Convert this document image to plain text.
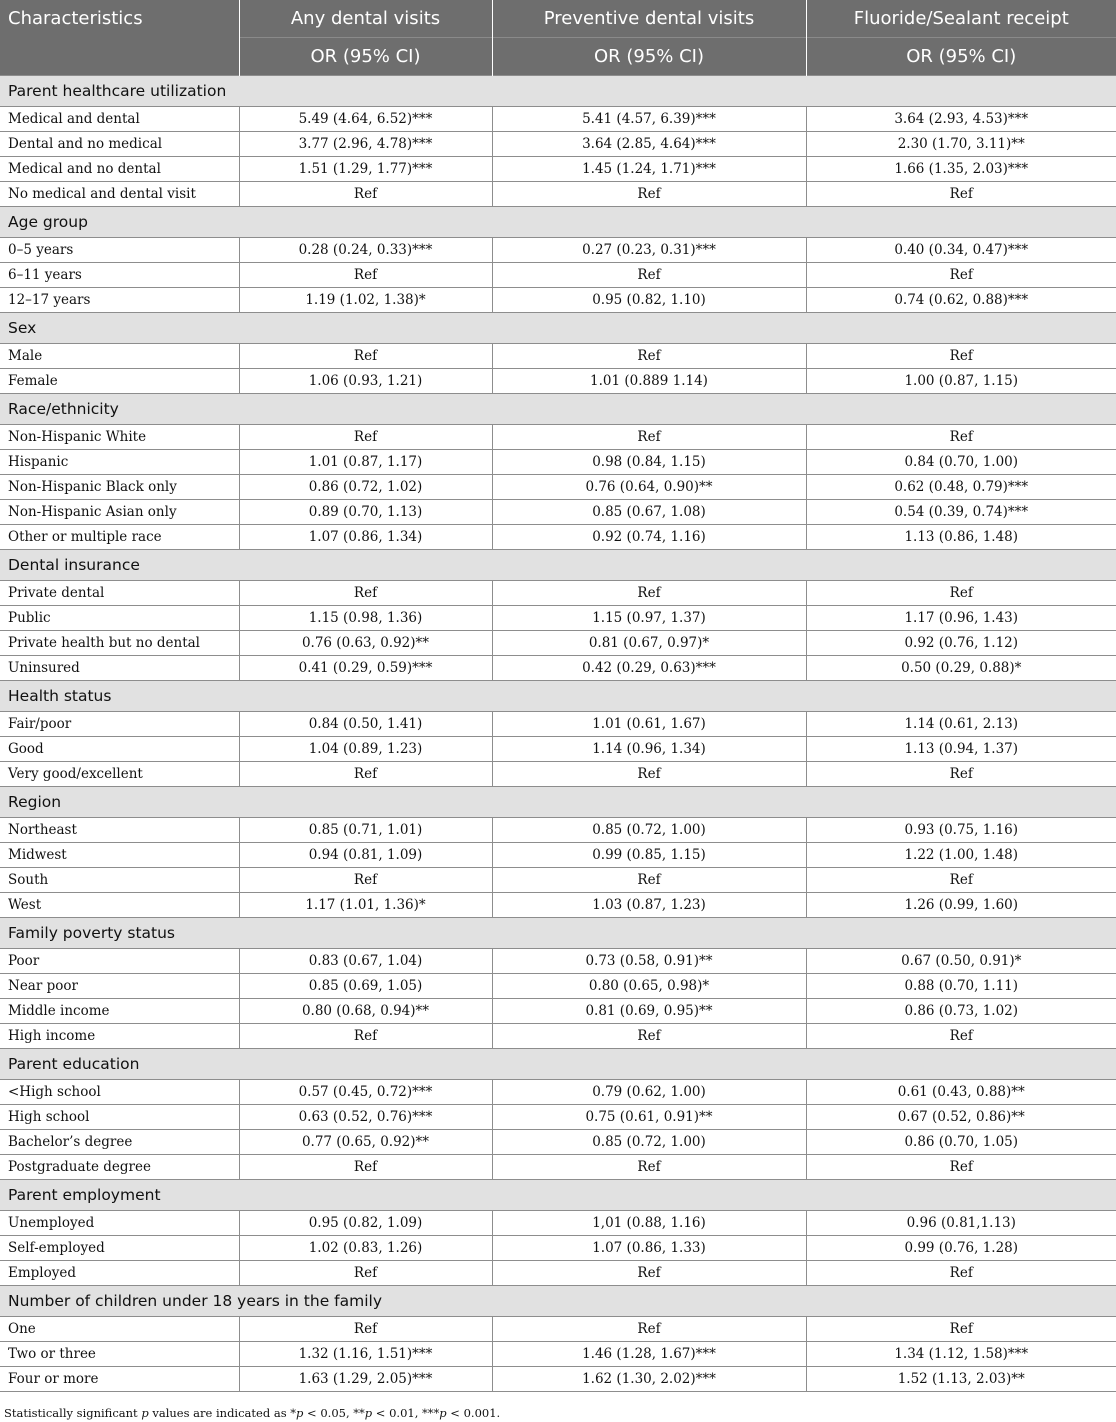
Characteristics	Any dental visits	Preventive dental visits	Fluoride/Sealant receipt
	OR (95% CI)	OR (95% CI)	OR (95% CI)
Parent healthcare utilization			
Medical and dental	5.49 (4.64, 6.52)***	5.41 (4.57, 6.39)***	3.64 (2.93, 4.53)***
Dental and no medical	3.77 (2.96, 4.78)***	3.64 (2.85, 4.64)***	2.30 (1.70, 3.11)**
Medical and no dental	1.51 (1.29, 1.77)***	1.45 (1.24, 1.71)***	1.66 (1.35, 2.03)***
No medical and dental visit	Ref	Ref	Ref
Age group			
0–5 years	0.28 (0.24, 0.33)***	0.27 (0.23, 0.31)***	0.40 (0.34, 0.47)***
6–11 years	Ref	Ref	Ref
12–17 years	1.19 (1.02, 1.38)*	0.95 (0.82, 1.10)	0.74 (0.62, 0.88)***
Sex			
Male	Ref	Ref	Ref
Female	1.06 (0.93, 1.21)	1.01 (0.889 1.14)	1.00 (0.87, 1.15)
Race/ethnicity			
Non-Hispanic White	Ref	Ref	Ref
Hispanic	1.01 (0.87, 1.17)	0.98 (0.84, 1.15)	0.84 (0.70, 1.00)
Non-Hispanic Black only	0.86 (0.72, 1.02)	0.76 (0.64, 0.90)**	0.62 (0.48, 0.79)***
Non-Hispanic Asian only	0.89 (0.70, 1.13)	0.85 (0.67, 1.08)	0.54 (0.39, 0.74)***
Other or multiple race	1.07 (0.86, 1.34)	0.92 (0.74, 1.16)	1.13 (0.86, 1.48)
Dental insurance			
Private dental	Ref	Ref	Ref
Public	1.15 (0.98, 1.36)	1.15 (0.97, 1.37)	1.17 (0.96, 1.43)
Private health but no dental	0.76 (0.63, 0.92)**	0.81 (0.67, 0.97)*	0.92 (0.76, 1.12)
Uninsured	0.41 (0.29, 0.59)***	0.42 (0.29, 0.63)***	0.50 (0.29, 0.88)*
Health status			
Fair/poor	0.84 (0.50, 1.41)	1.01 (0.61, 1.67)	1.14 (0.61, 2.13)
Good	1.04 (0.89, 1.23)	1.14 (0.96, 1.34)	1.13 (0.94, 1.37)
Very good/excellent	Ref	Ref	Ref
Region			
Northeast	0.85 (0.71, 1.01)	0.85 (0.72, 1.00)	0.93 (0.75, 1.16)
Midwest	0.94 (0.81, 1.09)	0.99 (0.85, 1.15)	1.22 (1.00, 1.48)
South	Ref	Ref	Ref
West	1.17 (1.01, 1.36)*	1.03 (0.87, 1.23)	1.26 (0.99, 1.60)
Family poverty status			
Poor	0.83 (0.67, 1.04)	0.73 (0.58, 0.91)**	0.67 (0.50, 0.91)*
Near poor	0.85 (0.69, 1.05)	0.80 (0.65, 0.98)*	0.88 (0.70, 1.11)
Middle income	0.80 (0.68, 0.94)**	0.81 (0.69, 0.95)**	0.86 (0.73, 1.02)
High income	Ref	Ref	Ref
Parent education			
<High school	0.57 (0.45, 0.72)***	0.79 (0.62, 1.00)	0.61 (0.43, 0.88)**
High school	0.63 (0.52, 0.76)***	0.75 (0.61, 0.91)**	0.67 (0.52, 0.86)**
Bachelor’s degree	0.77 (0.65, 0.92)**	0.85 (0.72, 1.00)	0.86 (0.70, 1.05)
Postgraduate degree	Ref	Ref	Ref
Parent employment			
Unemployed	0.95 (0.82, 1.09)	1,01 (0.88, 1.16)	0.96 (0.81,1.13)
Self-employed	1.02 (0.83, 1.26)	1.07 (0.86, 1.33)	0.99 (0.76, 1.28)
Employed	Ref	Ref	Ref
Number of children under 18 years in the family			
One	Ref	Ref	Ref
Two or three	1.32 (1.16, 1.51)***	1.46 (1.28, 1.67)***	1.34 (1.12, 1.58)***
Four or more	1.63 (1.29, 2.05)***	1.62 (1.30, 2.02)***	1.52 (1.13, 2.03)**
Statistically significant p values are indicated as *p < 0.05, **p < 0.01, ***p < 0.001.
